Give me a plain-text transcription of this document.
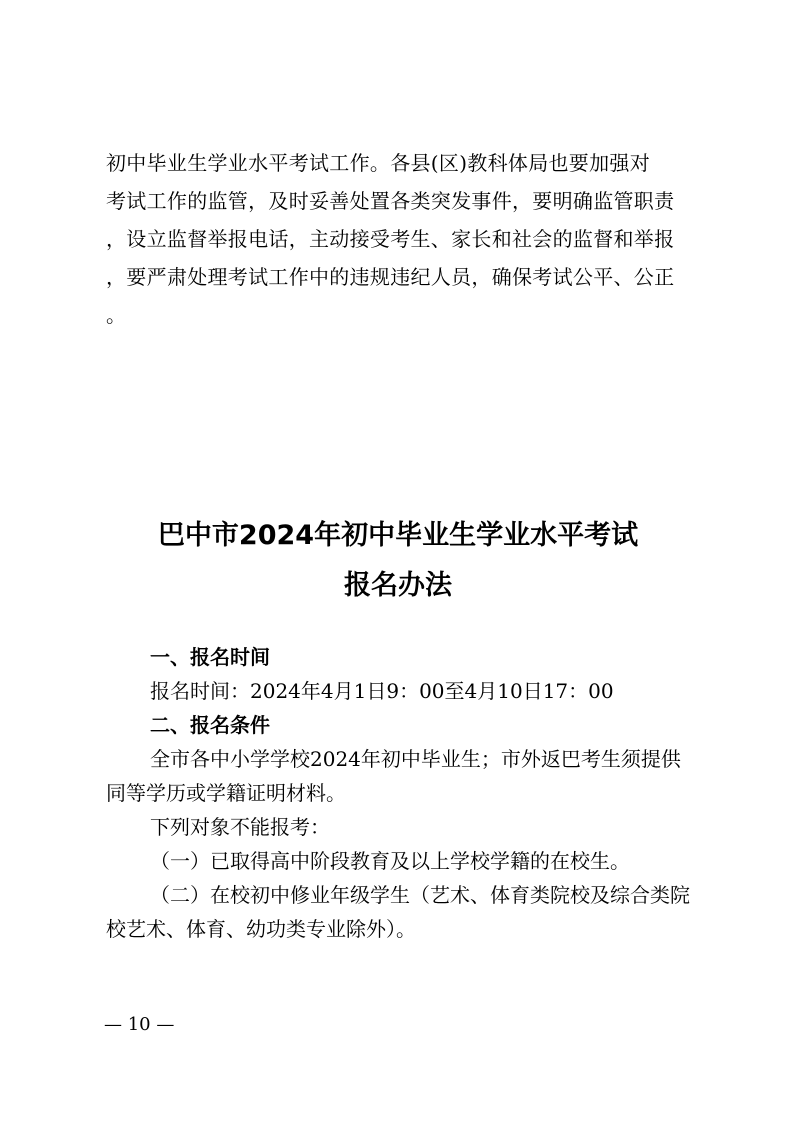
初中毕业生学业水平考试工作。各县(区)教科体局也要加强对
考试工作的监管，及时妥善处置各类突发事件，要明确监管职责
，设立监督举报电话，主动接受考生、家长和社会的监督和举报
，要严肃处理考试工作中的违规违纪人员，确保考试公平、公正
。
巴中市2024年初中毕业生学业水平考试
报名办法
一、报名时间
报名时间：2024年4月1日9：00至4月10日17：00
二、报名条件
全市各中小学学校2024年初中毕业生；市外返巴考生须提供
同等学历或学籍证明材料。
下列对象不能报考：
（一）已取得高中阶段教育及以上学校学籍的在校生。
（二）在校初中修业年级学生（艺术、体育类院校及综合类院
校艺术、体育、幼功类专业除外）。
— 10 —
